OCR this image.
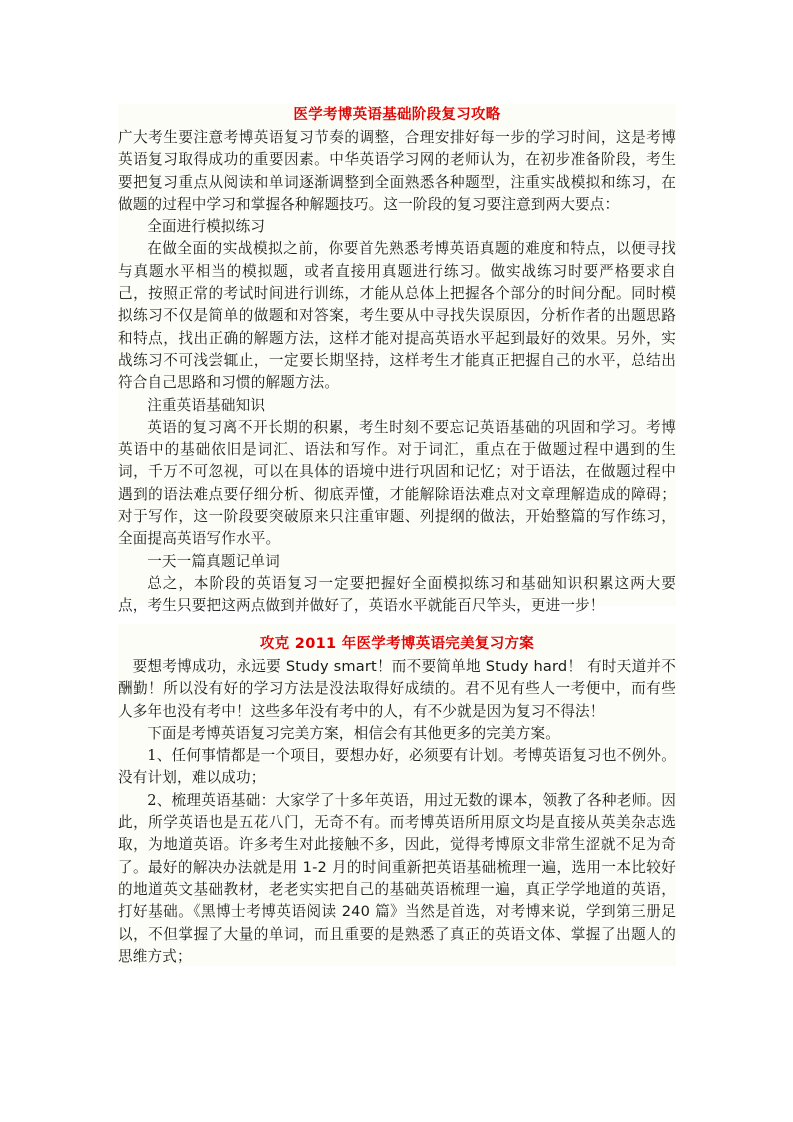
医学考博英语基础阶段复习攻略

广大考生要注意考博英语复习节奏的调整，合理安排好每一步的学习时间，这是考博英语复习取得成功的重要因素。中华英语学习网的老师认为，在初步准备阶段，考生要把复习重点从阅读和单词逐渐调整到全面熟悉各种题型，注重实战模拟和练习，在做题的过程中学习和掌握各种解题技巧。这一阶段的复习要注意到两大要点：

全面进行模拟练习

在做全面的实战模拟之前，你要首先熟悉考博英语真题的难度和特点，以便寻找与真题水平相当的模拟题，或者直接用真题进行练习。做实战练习时要严格要求自己，按照正常的考试时间进行训练，才能从总体上把握各个部分的时间分配。同时模拟练习不仅是简单的做题和对答案，考生要从中寻找失误原因，分析作者的出题思路和特点，找出正确的解题方法，这样才能对提高英语水平起到最好的效果。另外，实战练习不可浅尝辄止，一定要长期坚持，这样考生才能真正把握自己的水平，总结出符合自己思路和习惯的解题方法。

注重英语基础知识

英语的复习离不开长期的积累，考生时刻不要忘记英语基础的巩固和学习。考博英语中的基础依旧是词汇、语法和写作。对于词汇，重点在于做题过程中遇到的生词，千万不可忽视，可以在具体的语境中进行巩固和记忆；对于语法，在做题过程中遇到的语法难点要仔细分析、彻底弄懂，才能解除语法难点对文章理解造成的障碍；对于写作，这一阶段要突破原来只注重审题、列提纲的做法，开始整篇的写作练习，全面提高英语写作水平。

一天一篇真题记单词

总之，本阶段的英语复习一定要把握好全面模拟练习和基础知识积累这两大要点，考生只要把这两点做到并做好了，英语水平就能百尺竿头，更进一步！

攻克 2011 年医学考博英语完美复习方案

要想考博成功，永远要 Study smart！而不要简单地 Study hard！ 有时天道并不酬勤！所以没有好的学习方法是没法取得好成绩的。君不见有些人一考便中，而有些人多年也没有考中！这些多年没有考中的人，有不少就是因为复习不得法！

下面是考博英语复习完美方案，相信会有其他更多的完美方案。

1、任何事情都是一个项目，要想办好，必须要有计划。考博英语复习也不例外。没有计划，难以成功；

2、梳理英语基础：大家学了十多年英语，用过无数的课本，领教了各种老师。因此，所学英语也是五花八门，无奇不有。而考博英语所用原文均是直接从英美杂志选取，为地道英语。许多考生对此接触不多，因此，觉得考博原文非常生涩就不足为奇了。最好的解决办法就是用 1-2 月的时间重新把英语基础梳理一遍，选用一本比较好的地道英文基础教材，老老实实把自己的基础英语梳理一遍，真正学学地道的英语，打好基础。《黑博士考博英语阅读 240 篇》当然是首选，对考博来说，学到第三册足以，不但掌握了大量的单词，而且重要的是熟悉了真正的英语文体、掌握了出题人的思维方式；
